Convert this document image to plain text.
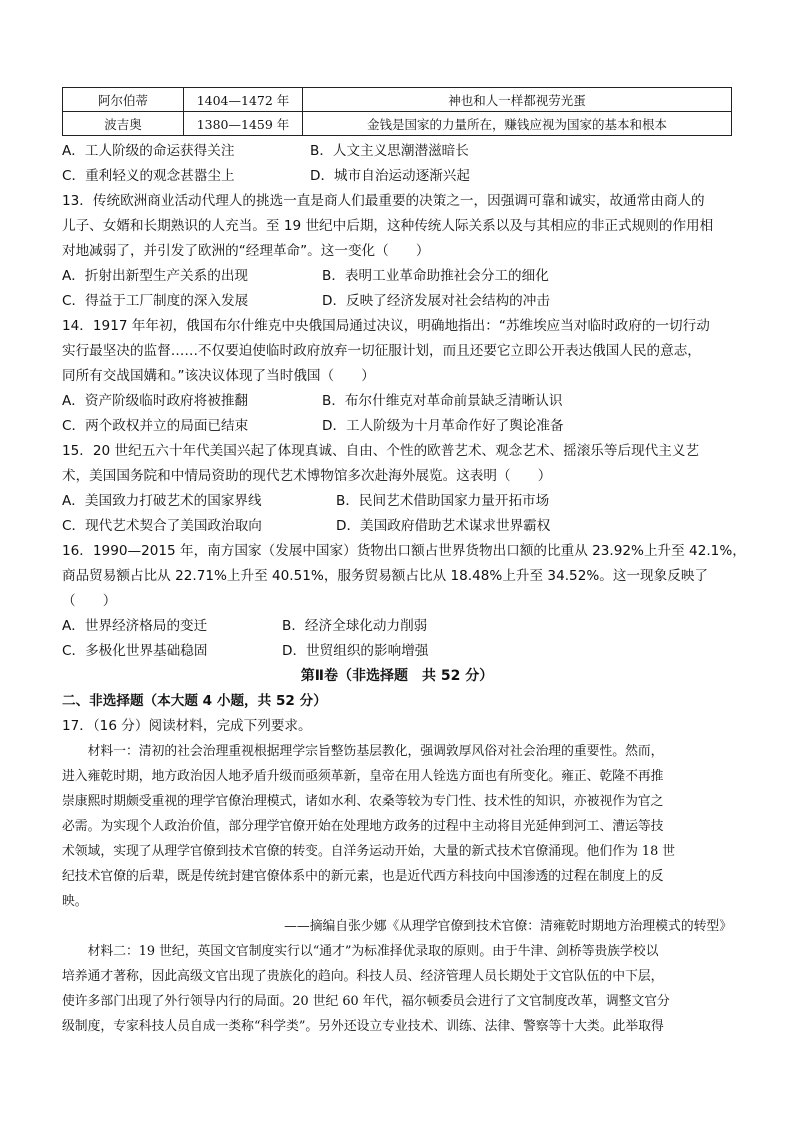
阿尔伯蒂	1404—1472 年	神也和人一样都视劳光蛋
波吉奥	1380—1459 年	金钱是国家的力量所在，赚钱应视为国家的基本和根本
A．工人阶级的命运获得关注	B．人文主义思潮潜滋暗长
C．重利轻义的观念甚嚣尘上	D．城市自治运动逐渐兴起
13．传统欧洲商业活动代理人的挑选一直是商人们最重要的决策之一，因强调可靠和诚实，故通常由商人的
儿子、女婿和长期熟识的人充当。至 19 世纪中后期，这种传统人际关系以及与其相应的非正式规则的作用相
对地减弱了，并引发了欧洲的“经理革命”。这一变化（　　）
A．折射出新型生产关系的出现	B．表明工业革命助推社会分工的细化
C．得益于工厂制度的深入发展	D．反映了经济发展对社会结构的冲击
14．1917 年年初，俄国布尔什维克中央俄国局通过决议，明确地指出：“苏维埃应当对临时政府的一切行动
实行最坚决的监督……不仅要迫使临时政府放弃一切征服计划，而且还要它立即公开表达俄国人民的意志，
同所有交战国媾和。”该决议体现了当时俄国（　　）
A．资产阶级临时政府将被推翻	B．布尔什维克对革命前景缺乏清晰认识
C．两个政权并立的局面已结束	D．工人阶级为十月革命作好了舆论准备
15．20 世纪五六十年代美国兴起了体现真诚、自由、个性的欧普艺术、观念艺术、摇滚乐等后现代主义艺
术，美国国务院和中情局资助的现代艺术博物馆多次赴海外展览。这表明（　　）
A．美国致力打破艺术的国家界线	B．民间艺术借助国家力量开拓市场
C．现代艺术契合了美国政治取向	D．美国政府借助艺术谋求世界霸权
16．1990—2015 年，南方国家（发展中国家）货物出口额占世界货物出口额的比重从 23.92%上升至 42.1%，
商品贸易额占比从 22.71%上升至 40.51%，服务贸易额占比从 18.48%上升至 34.52%。这一现象反映了
（　　）
A．世界经济格局的变迁	B．经济全球化动力削弱
C．多极化世界基础稳固	D．世贸组织的影响增强
第Ⅱ卷（非选择题　共 52 分）
二、非选择题（本大题 4 小题，共 52 分）
17．（16 分）阅读材料，完成下列要求。
　　材料一：清初的社会治理重视根据理学宗旨整饬基层教化，强调敦厚风俗对社会治理的重要性。然而，
进入雍乾时期，地方政治因人地矛盾升级而亟须革新，皇帝在用人铨选方面也有所变化。雍正、乾隆不再推
崇康熙时期颇受重视的理学官僚治理模式，诸如水利、农桑等较为专门性、技术性的知识，亦被视作为官之
必需。为实现个人政治价值，部分理学官僚开始在处理地方政务的过程中主动将目光延伸到河工、漕运等技
术领域，实现了从理学官僚到技术官僚的转变。自洋务运动开始，大量的新式技术官僚涌现。他们作为 18 世
纪技术官僚的后辈，既是传统封建官僚体系中的新元素，也是近代西方科技向中国渗透的过程在制度上的反
映。
——摘编自张少娜《从理学官僚到技术官僚：清雍乾时期地方治理模式的转型》
　　材料二：19 世纪，英国文官制度实行以“通才”为标准择优录取的原则。由于牛津、剑桥等贵族学校以
培养通才著称，因此高级文官出现了贵族化的趋向。科技人员、经济管理人员长期处于文官队伍的中下层，
使许多部门出现了外行领导内行的局面。20 世纪 60 年代，福尔顿委员会进行了文官制度改革，调整文官分
级制度，专家科技人员自成一类称“科学类”。另外还设立专业技术、训练、法律、警察等十大类。此举取得
